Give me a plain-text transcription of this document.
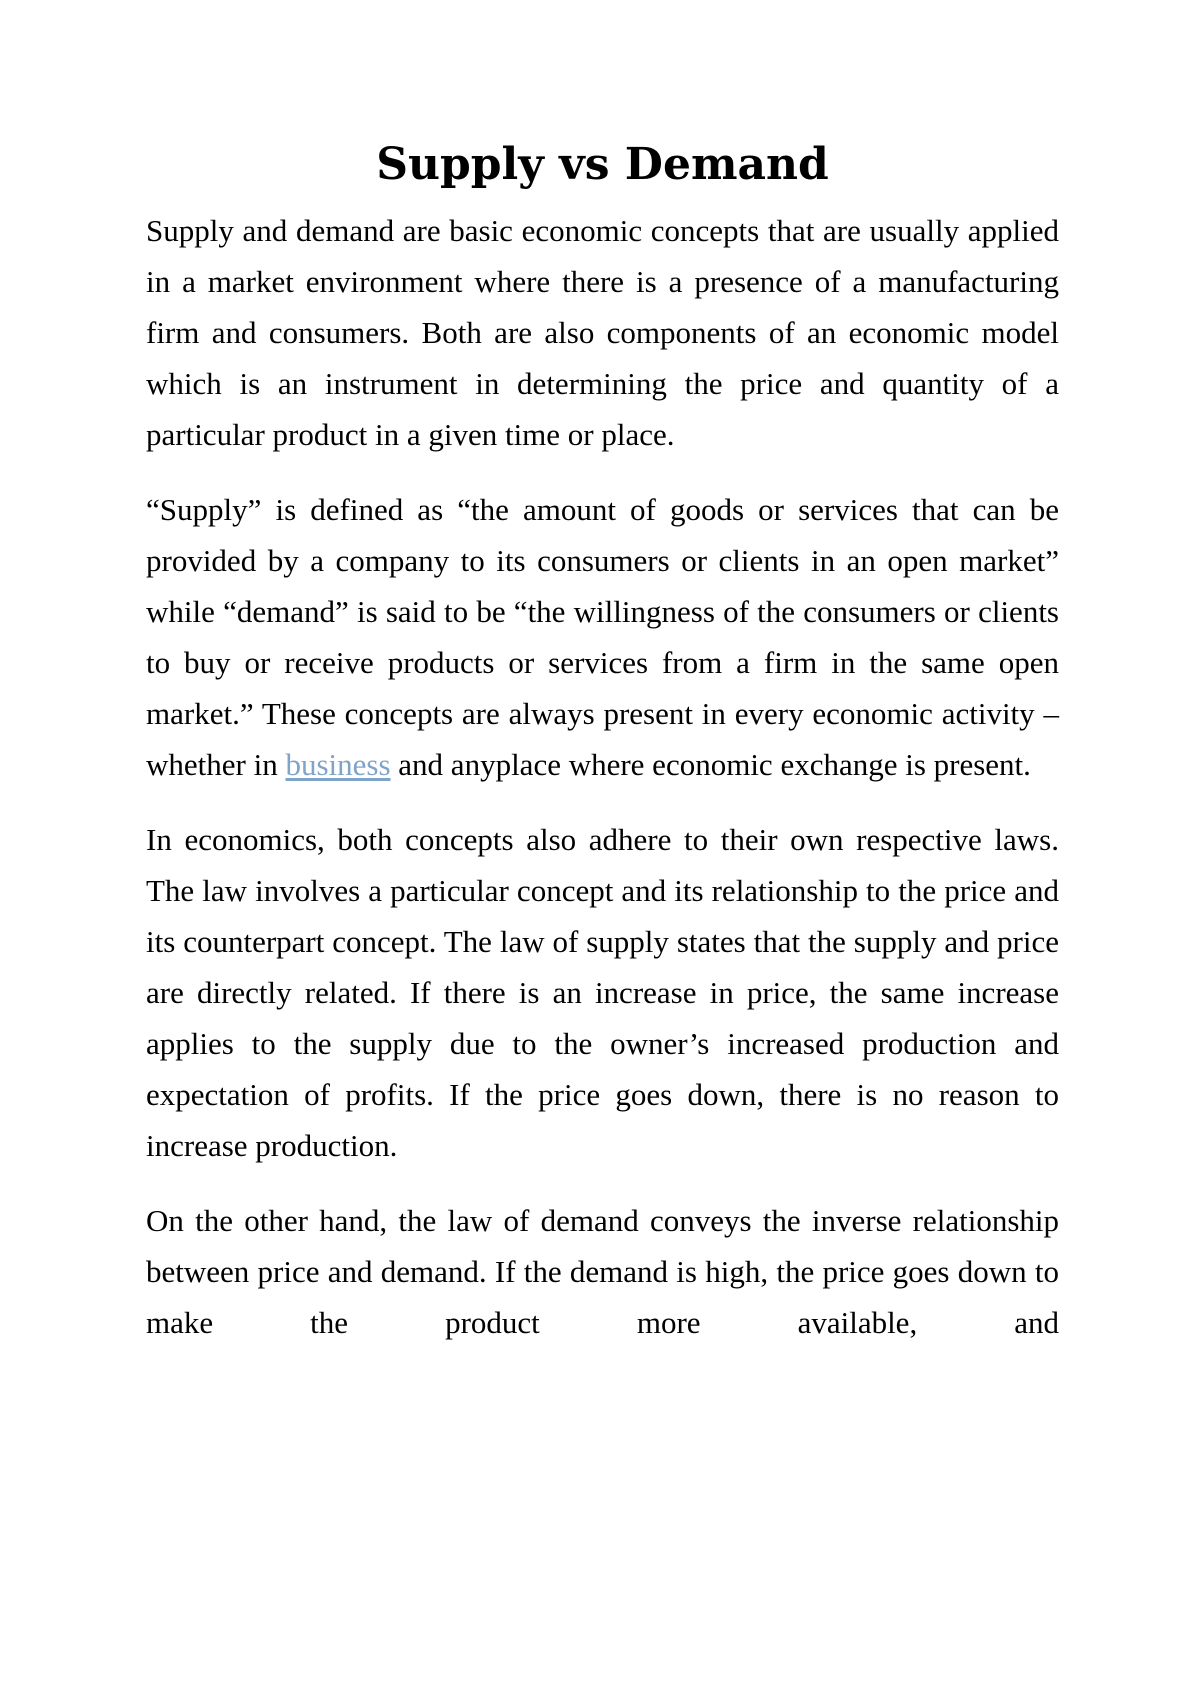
Supply vs Demand

Supply and demand are basic economic concepts that are usually applied in a market environment where there is a presence of a manufacturing firm and consumers. Both are also components of an economic model which is an instrument in determining the price and quantity of a particular product in a given time or place.

“Supply” is defined as “the amount of goods or services that can be provided by a company to its consumers or clients in an open market” while “demand” is said to be “the willingness of the consumers or clients to buy or receive products or services from a firm in the same open market.” These concepts are always present in every economic activity – whether in business and anyplace where economic exchange is present.

In economics, both concepts also adhere to their own respective laws. The law involves a particular concept and its relationship to the price and its counterpart concept. The law of supply states that the supply and price are directly related. If there is an increase in price, the same increase applies to the supply due to the owner’s increased production and expectation of profits. If the price goes down, there is no reason to increase production.

On the other hand, the law of demand conveys the inverse relationship between price and demand. If the demand is high, the price goes down to make the product more available, and
